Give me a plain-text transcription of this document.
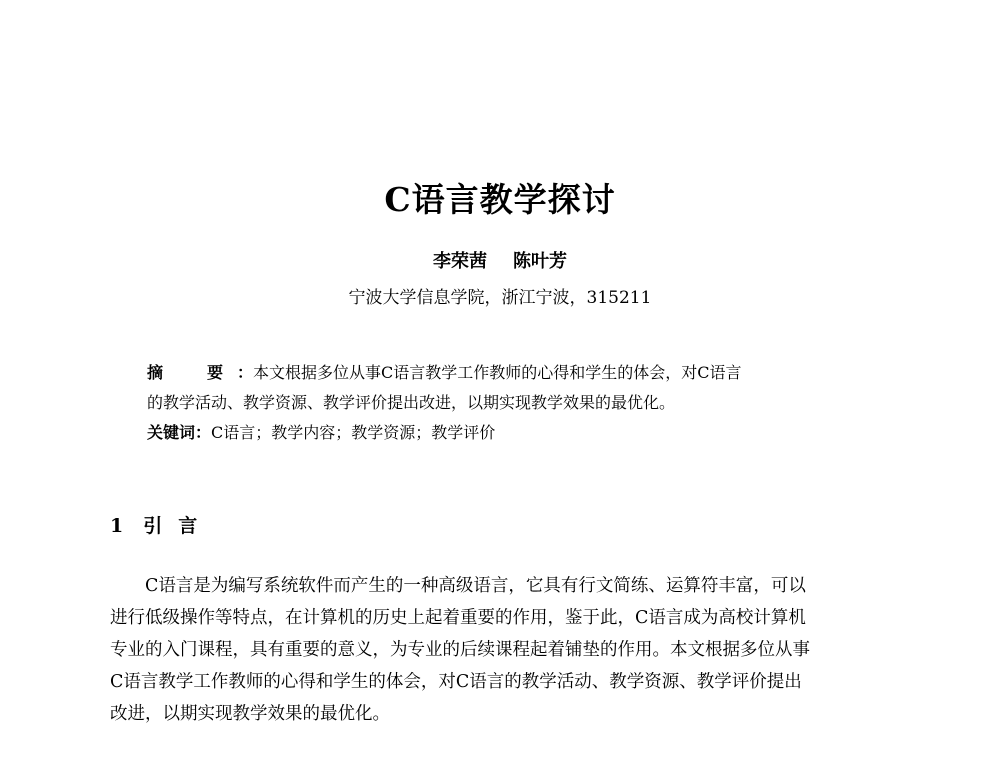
C语言教学探讨
李荣茜 陈叶芳
宁波大学信息学院，浙江宁波，315211
摘　要：本文根据多位从事C语言教学工作教师的心得和学生的体会，对C语言
的教学活动、教学资源、教学评价提出改进，以期实现教学效果的最优化。
关键词：C语言；教学内容；教学资源；教学评价
1 引言
C语言是为编写系统软件而产生的一种高级语言，它具有行文简练、运算符丰富，可以
进行低级操作等特点，在计算机的历史上起着重要的作用，鉴于此，C语言成为高校计算机
专业的入门课程，具有重要的意义，为专业的后续课程起着铺垫的作用。本文根据多位从事
C语言教学工作教师的心得和学生的体会，对C语言的教学活动、教学资源、教学评价提出
改进，以期实现教学效果的最优化。
